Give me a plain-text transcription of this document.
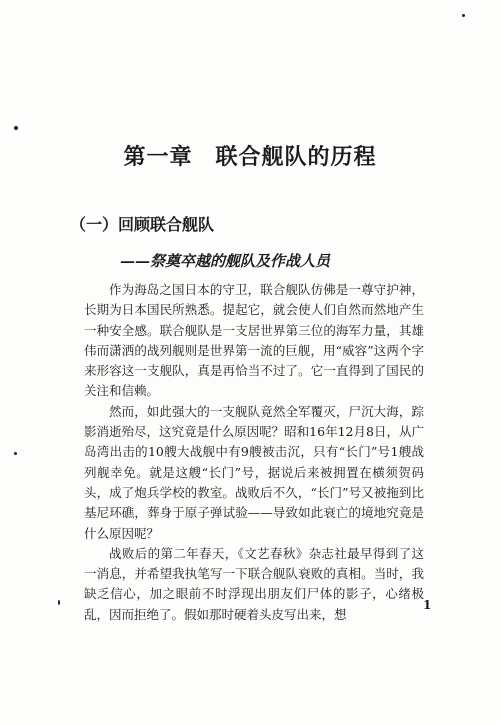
第一章　联合舰队的历程
（一）回顾联合舰队
——祭奠卒越的舰队及作战人员

作为海岛之国日本的守卫，联合舰队仿佛是一尊守护神，长期为日本国民所熟悉。提起它，就会使人们自然而然地产生一种安全感。联合舰队是一支居世界第三位的海军力量，其雄伟而潇洒的战列舰则是世界第一流的巨舰，用“威容”这两个字来形容这一支舰队，真是再恰当不过了。它一直得到了国民的关注和信赖。

然而，如此强大的一支舰队竟然全军覆灭，尸沉大海，踪影消逝殆尽，这究竟是什么原因呢？昭和16年12月8日，从广岛湾出击的10艘大战舰中有9艘被击沉，只有“长门”号1艘战列舰幸免。就是这艘“长门”号，据说后来被拥置在横须贺码头，成了炮兵学校的教室。战败后不久，“长门”号又被拖到比基尼环礁，葬身于原子弹试验——导致如此衰亡的境地究竟是什么原因呢？

战败后的第二年春天，《文艺春秋》杂志社最早得到了这一消息，并希望我执笔写一下联合舰队衰败的真相。当时，我缺乏信心，加之眼前不时浮现出朋友们尸体的影子，心绪极乱，因而拒绝了。假如那时硬着头皮写出来，想

1
